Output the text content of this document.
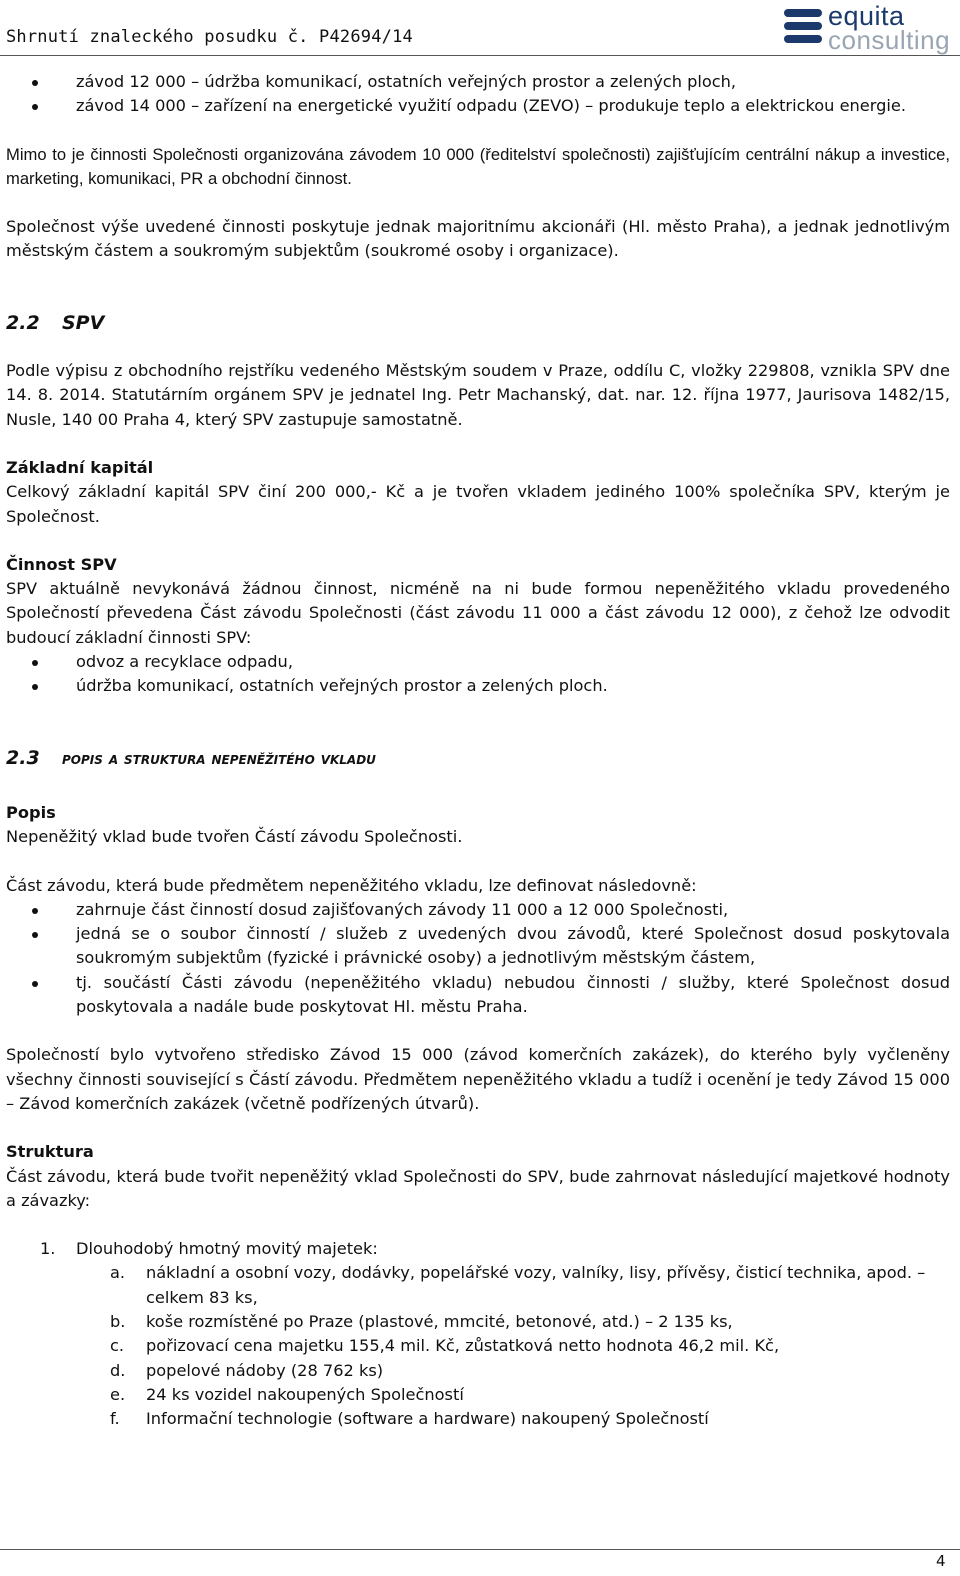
Shrnutí znaleckého posudku č. P42694/14
equita
consulting
závod 12 000 – údržba komunikací, ostatních veřejných prostor a zelených ploch,
závod 14 000 – zařízení na energetické využití odpadu (ZEVO) – produkuje teplo a elektrickou energie.

Mimo to je činnosti Společnosti organizována závodem 10 000 (ředitelství společnosti) zajišťujícím centrální nákup a investice, marketing, komunikaci, PR a obchodní činnost.

Společnost výše uvedené činnosti poskytuje jednak majoritnímu akcionáři (Hl. město Praha), a jednak jednotlivým městským částem a soukromým subjektům (soukromé osoby i organizace).

2.2 SPV

Podle výpisu z obchodního rejstříku vedeného Městským soudem v Praze, oddílu C, vložky 229808, vznikla SPV dne 14. 8. 2014. Statutárním orgánem SPV je jednatel Ing. Petr Machanský, dat. nar. 12. října 1977, Jaurisova 1482/15, Nusle, 140 00 Praha 4, který SPV zastupuje samostatně.

Základní kapitál

Celkový základní kapitál SPV činí 200 000,- Kč a je tvořen vkladem jediného 100% společníka SPV, kterým je Společnost.

Činnost SPV

SPV aktuálně nevykonává žádnou činnost, nicméně na ni bude formou nepeněžitého vkladu provedeného Společností převedena Část závodu Společnosti (část závodu 11 000 a část závodu 12 000), z čehož lze odvodit budoucí základní činnosti SPV:

odvoz a recyklace odpadu,
údržba komunikací, ostatních veřejných prostor a zelených ploch.
2.3 popis a struktura nepeněžitého vkladu
Popis

Nepeněžitý vklad bude tvořen Částí závodu Společnosti.

Část závodu, která bude předmětem nepeněžitého vkladu, lze definovat následovně:

zahrnuje část činností dosud zajišťovaných závody 11 000 a 12 000 Společnosti,
jedná se o soubor činností / služeb z uvedených dvou závodů, které Společnost dosud poskytovala soukromým subjektům (fyzické i právnické osoby) a jednotlivým městským částem,
tj. součástí Části závodu (nepeněžitého vkladu) nebudou činnosti / služby, které Společnost dosud poskytovala a nadále bude poskytovat Hl. městu Praha.

Společností bylo vytvořeno středisko Závod 15 000 (závod komerčních zakázek), do kterého byly vyčleněny všechny činnosti související s Částí závodu. Předmětem nepeněžitého vkladu a tudíž i ocenění je tedy Závod 15 000 – Závod komerčních zakázek (včetně podřízených útvarů).

Struktura

Část závodu, která bude tvořit nepeněžitý vklad Společnosti do SPV, bude zahrnovat následující majetkové hodnoty a závazky:

1. Dlouhodobý hmotný movitý majetek:
a. nákladní a osobní vozy, dodávky, popelářské vozy, valníky, lisy, přívěsy, čisticí technika, apod. – celkem 83 ks,
b. koše rozmístěné po Praze (plastové, mmcité, betonové, atd.) – 2 135 ks,
c. pořizovací cena majetku 155,4 mil. Kč, zůstatková netto hodnota 46,2 mil. Kč,
d. popelové nádoby (28 762 ks)
e. 24 ks vozidel nakoupených Společností
f. Informační technologie (software a hardware) nakoupený Společností
4
